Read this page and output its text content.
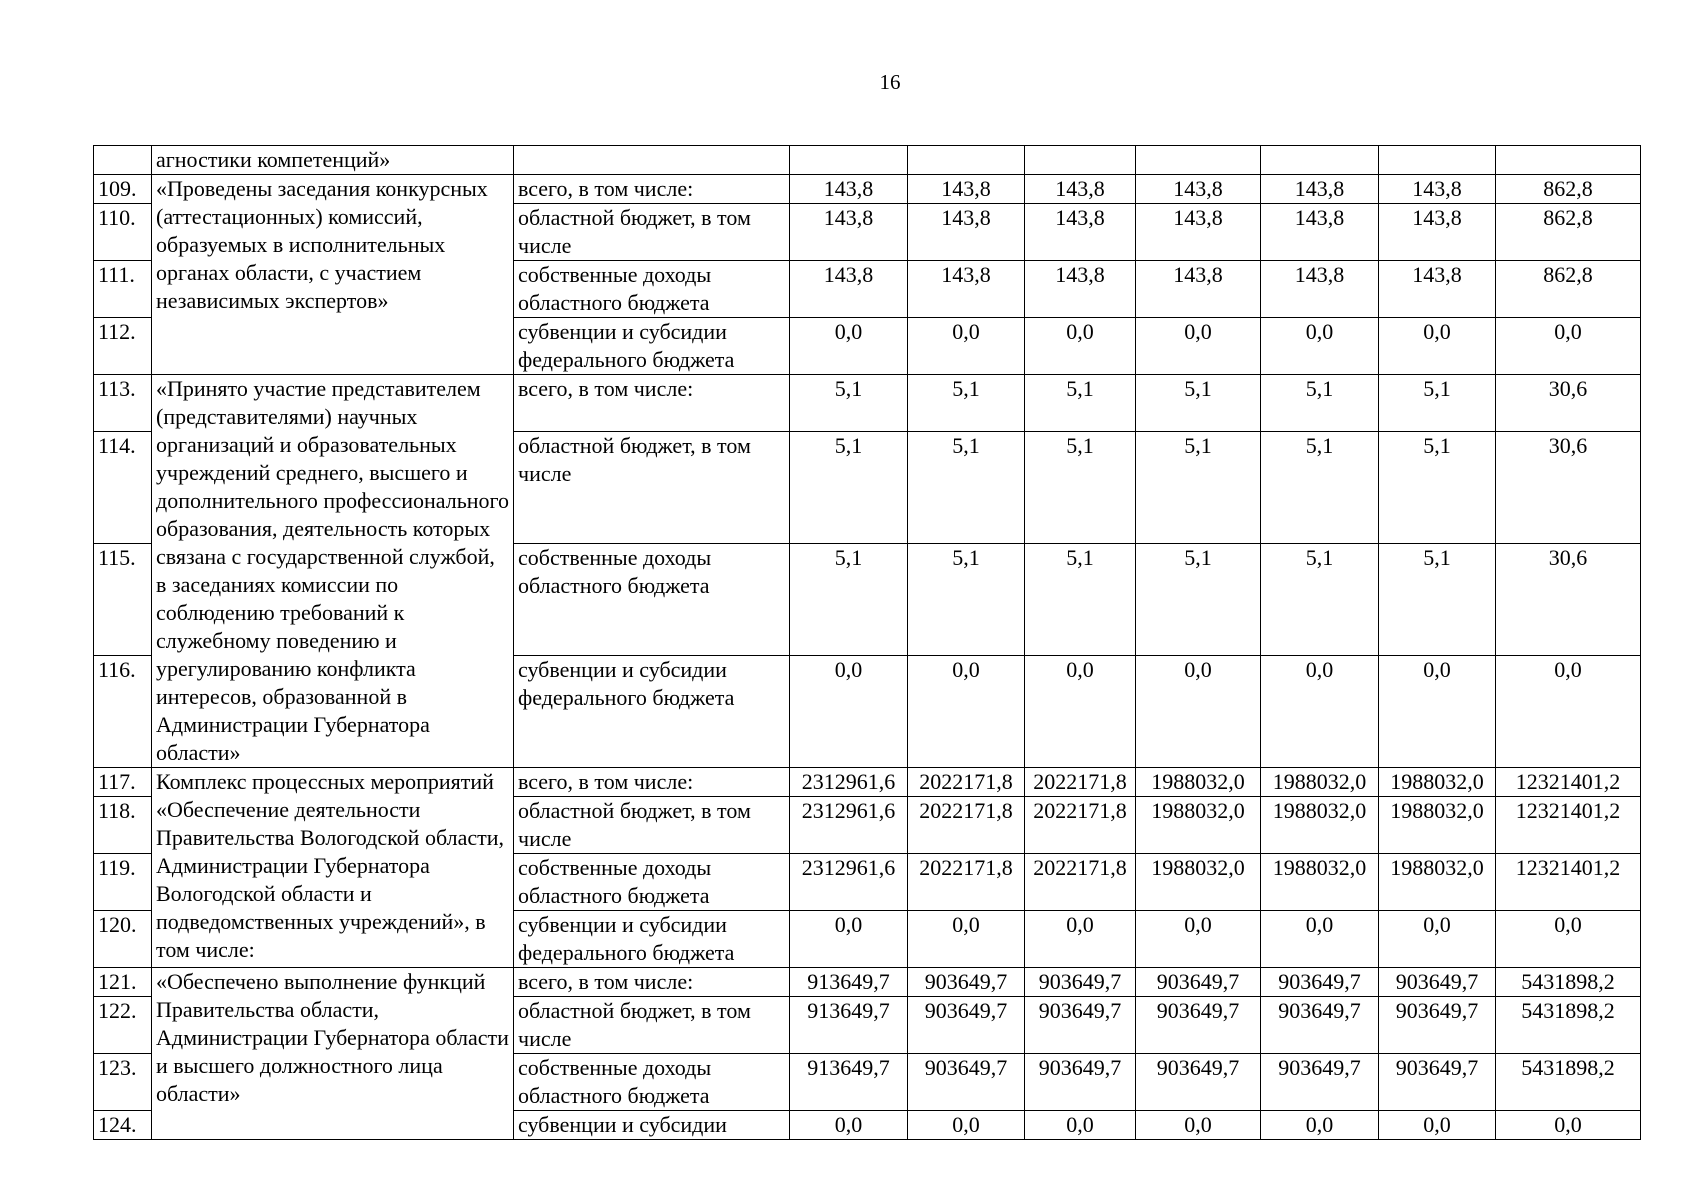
16
	агностики компетенций»								
109.	«Проведены заседания конкурсных (аттестационных) комиссий, образуемых в исполнительных органах области, с участием независимых экспертов»	всего, в том числе:	143,8	143,8	143,8	143,8	143,8	143,8	862,8
110.		областной бюджет, в том числе	143,8	143,8	143,8	143,8	143,8	143,8	862,8
111.		собственные доходы областного бюджета	143,8	143,8	143,8	143,8	143,8	143,8	862,8
112.		субвенции и субсидии федерального бюджета	0,0	0,0	0,0	0,0	0,0	0,0	0,0
113.	«Принято участие представителем (представителями) научных организаций и образовательных учреждений среднего, высшего и дополнительного профессионального образования, деятельность которых связана с государственной службой, в заседаниях комиссии по соблюдению требований к служебному поведению и урегулированию конфликта интересов, образованной в Администрации Губернатора области»	всего, в том числе:	5,1	5,1	5,1	5,1	5,1	5,1	30,6
114.		областной бюджет, в том числе	5,1	5,1	5,1	5,1	5,1	5,1	30,6
115.		собственные доходы областного бюджета	5,1	5,1	5,1	5,1	5,1	5,1	30,6
116.		субвенции и субсидии федерального бюджета	0,0	0,0	0,0	0,0	0,0	0,0	0,0
117.	Комплекс процессных мероприятий «Обеспечение деятельности Правительства Вологодской области, Администрации Губернатора Вологодской области и подведомственных учреждений», в том числе:	всего, в том числе:	2312961,6	2022171,8	2022171,8	1988032,0	1988032,0	1988032,0	12321401,2
118.		областной бюджет, в том числе	2312961,6	2022171,8	2022171,8	1988032,0	1988032,0	1988032,0	12321401,2
119.		собственные доходы областного бюджета	2312961,6	2022171,8	2022171,8	1988032,0	1988032,0	1988032,0	12321401,2
120.		субвенции и субсидии федерального бюджета	0,0	0,0	0,0	0,0	0,0	0,0	0,0
121.	«Обеспечено выполнение функций Правительства области, Администрации Губернатора области и высшего должностного лица области»	всего, в том числе:	913649,7	903649,7	903649,7	903649,7	903649,7	903649,7	5431898,2
122.		областной бюджет, в том числе	913649,7	903649,7	903649,7	903649,7	903649,7	903649,7	5431898,2
123.		собственные доходы областного бюджета	913649,7	903649,7	903649,7	903649,7	903649,7	903649,7	5431898,2
124.		субвенции и субсидии	0,0	0,0	0,0	0,0	0,0	0,0	0,0
